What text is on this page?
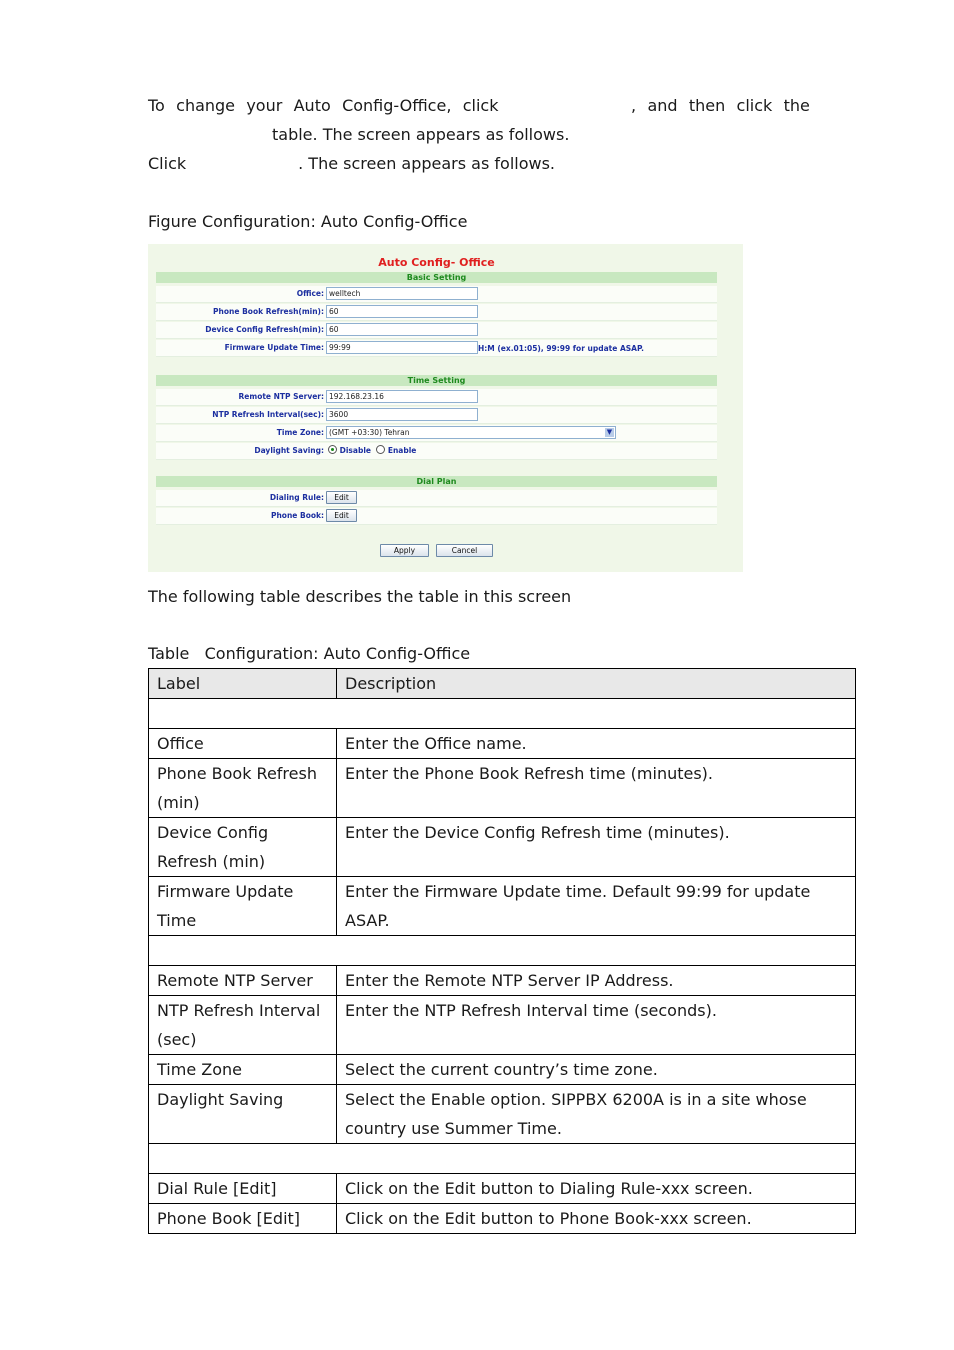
To change your Auto Config-Office, click	, and then click the
table. The screen appears as follows.
Click	. The screen appears as follows.
Figure Configuration: Auto Config-Office
Auto Config- Office
Basic Setting
Office: welltech
Phone Book Refresh(min): 60
Device Config Refresh(min): 60
Firmware Update Time: 99:99	H:M (ex.01:05), 99:99 for update ASAP.
Time Setting
Remote NTP Server: 192.168.23.16
NTP Refresh Interval(sec): 3600
Time Zone: (GMT +03:30) Tehran	▼
Daylight Saving:	Disable Enable
Dial Plan
Dialing Rule:	Edit
Phone Book:	Edit
Apply	Cancel
The following table describes the table in this screen
Table   Configuration: Auto Config-Office
Label	Description

Office	Enter the Office name.
Phone Book Refresh (min)	Enter the Phone Book Refresh time (minutes).
Device Config Refresh (min)	Enter the Device Config Refresh time (minutes).
Firmware Update Time	Enter the Firmware Update time. Default 99:99 for update ASAP.

Remote NTP Server	Enter the Remote NTP Server IP Address.
NTP Refresh Interval (sec)	Enter the NTP Refresh Interval time (seconds).
Time Zone	Select the current country’s time zone.
Daylight Saving	Select the Enable option. SIPPBX 6200A is in a site whose country use Summer Time.

Dial Rule [Edit]	Click on the Edit button to Dialing Rule-xxx screen.
Phone Book [Edit]	Click on the Edit button to Phone Book-xxx screen.
